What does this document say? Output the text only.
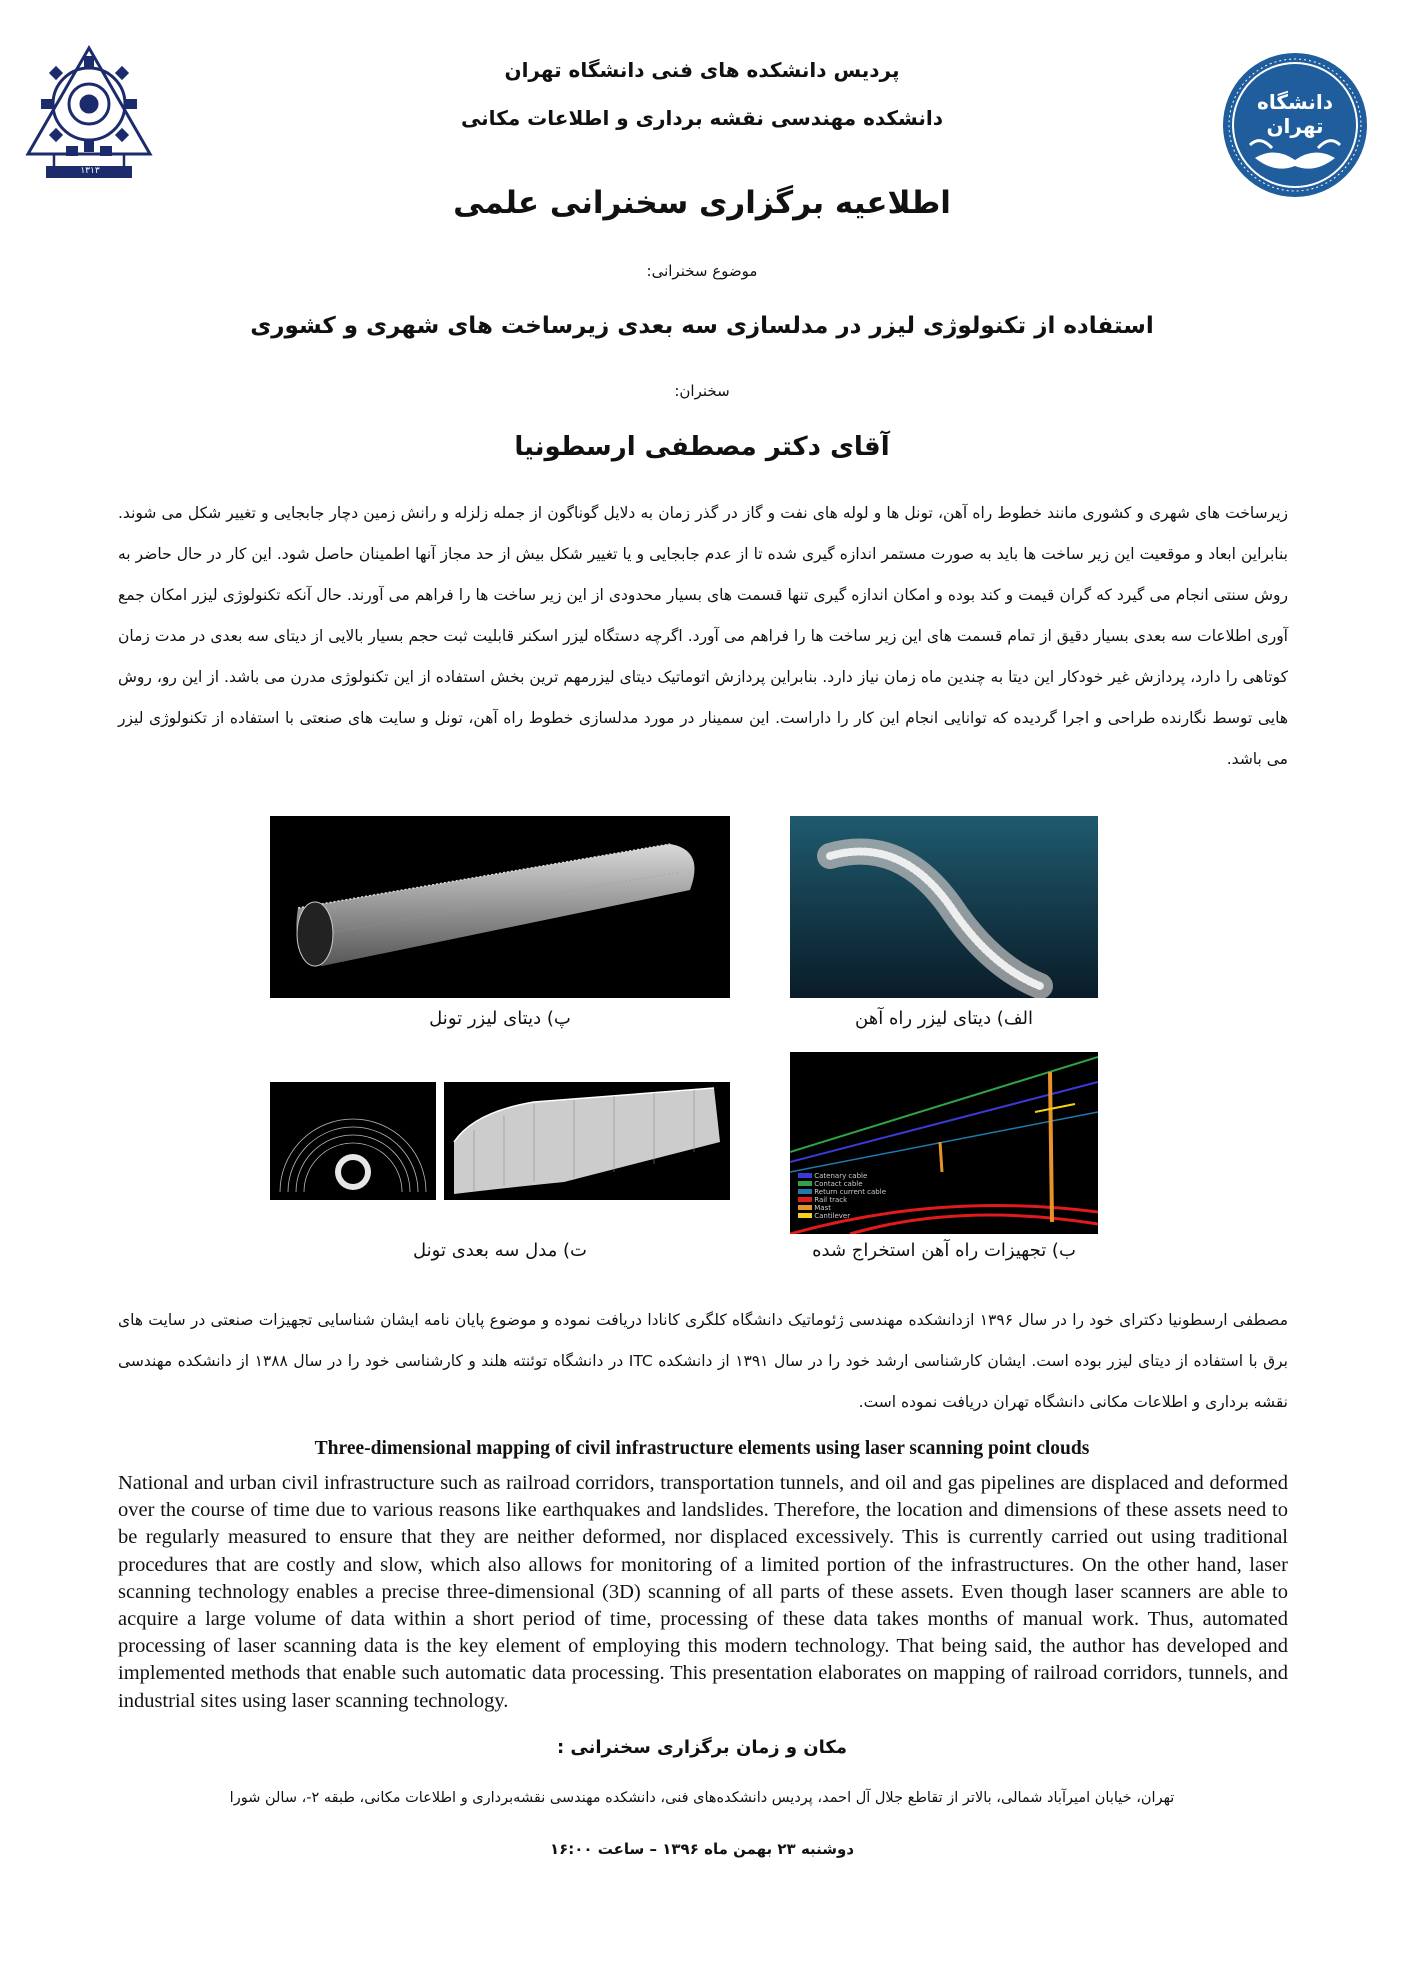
۱۳۱۳
دانشگاه تهران
پردیس دانشکده های فنی دانشگاه تهران
دانشکده مهندسی نقشه برداری و اطلاعات مکانی
اطلاعیه برگزاری سخنرانی علمی
موضوع سخنرانی:
استفاده از تکنولوژی لیزر در مدلسازی سه بعدی زیرساخت های شهری و کشوری
سخنران:
آقای دکتر مصطفی ارسطونیا
زیرساخت های شهری و کشوری مانند خطوط راه آهن، تونل ها و لوله های نفت و گاز در گذر زمان به دلایل گوناگون از جمله زلزله و رانش زمین دچار جابجایی و تغییر شکل می شوند. بنابراین ابعاد و موقعیت این زیر ساخت ها باید به صورت مستمر اندازه گیری شده تا از عدم جابجایی و یا تغییر شکل بیش از حد مجاز آنها اطمینان حاصل شود. این کار در حال حاضر به روش سنتی انجام می گیرد که گران قیمت و کند بوده و امکان اندازه گیری تنها قسمت های بسیار محدودی از این زیر ساخت ها را فراهم می آورند. حال آنکه تکنولوژی لیزر امکان جمع آوری اطلاعات سه بعدی بسیار دقیق از تمام قسمت های این زیر ساخت ها را فراهم می آورد. اگرچه دستگاه لیزر اسکنر قابلیت ثبت حجم بسیار بالایی از دیتای سه بعدی در مدت زمان کوتاهی را دارد، پردازش غیر خودکار این دیتا به چندین ماه زمان نیاز دارد. بنابراین پردازش اتوماتیک دیتای لیزرمهم ترین بخش استفاده از این تکنولوژی مدرن می باشد. از این رو، روش هایی توسط نگارنده طراحی و اجرا گردیده که توانایی انجام این کار را داراست. این سمینار در مورد مدلسازی خطوط راه آهن، تونل و سایت های صنعتی با استفاده از تکنولوژی لیزر می باشد.
پ) دیتای لیزر تونل	الف) دیتای لیزر راه آهن
Catenary cable
Contact cable
Return current cable
Rail track
Mast
Cantilever
ت) مدل سه بعدی تونل	ب) تجهیزات راه آهن استخراج شده
مصطفی ارسطونیا دکترای خود را در سال ۱۳۹۶ ازدانشکده مهندسی ژئوماتیک دانشگاه کلگری کانادا دریافت نموده و موضوع پایان نامه ایشان شناسایی تجهیزات صنعتی در سایت های برق با استفاده از دیتای لیزر بوده است. ایشان کارشناسی ارشد خود را در سال ۱۳۹۱ از دانشکده ITC در دانشگاه توئنته هلند و کارشناسی خود را در سال ۱۳۸۸ از دانشکده مهندسی نقشه برداری و اطلاعات مکانی دانشگاه تهران دریافت نموده است.
Three-dimensional mapping of civil infrastructure elements using laser scanning point clouds
National and urban civil infrastructure such as railroad corridors, transportation tunnels, and oil and gas pipelines are displaced and deformed over the course of time due to various reasons like earthquakes and landslides. Therefore, the location and dimensions of these assets need to be regularly measured to ensure that they are neither deformed, nor displaced excessively. This is currently carried out using traditional procedures that are costly and slow, which also allows for monitoring of a limited portion of the infrastructures. On the other hand, laser scanning technology enables a precise three-dimensional (3D) scanning of all parts of these assets. Even though laser scanners are able to acquire a large volume of data within a short period of time, processing of these data takes months of manual work. Thus, automated processing of laser scanning data is the key element of employing this modern technology. That being said, the author has developed and implemented methods that enable such automatic data processing. This presentation elaborates on mapping of railroad corridors, tunnels, and industrial sites using laser scanning technology.
مکان و زمان برگزاری سخنرانی :
تهران، خیابان امیرآباد شمالی، بالاتر از تقاطع جلال آل احمد، پردیس دانشکده‌های فنی، دانشکده مهندسی نقشه‌برداری و اطلاعات مکانی، طبقه ۲-، سالن شورا
دوشنبه ۲۳ بهمن ماه ۱۳۹۶ – ساعت ۱۶:۰۰
